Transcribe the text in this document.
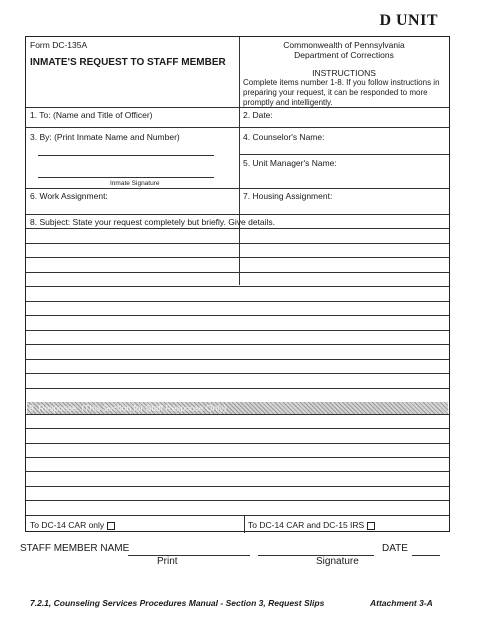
D UNIT
Form DC-135A
INMATE'S REQUEST TO STAFF MEMBER
Commonwealth of Pennsylvania
Department of Corrections
INSTRUCTIONS
Complete items number 1-8. If you follow instructions in
preparing your request, it can be responded to more
promptly and intelligently.
1. To: (Name and Title of Officer)	2. Date:
3. By: (Print Inmate Name and Number)
Inmate Signature
4. Counselor's Name:
5. Unit Manager's Name:
6. Work Assignment:	7. Housing Assignment:
8. Subject: State your request completely but briefly. Give details.
9. Response: (This Section for Staff Response Only)
To DC-14 CAR only	To DC-14 CAR and DC-15 IRS
STAFF MEMBER NAME	DATE
Print	Signature
7.2.1, Counseling Services Procedures Manual - Section 3, Request Slips	Attachment 3-A
